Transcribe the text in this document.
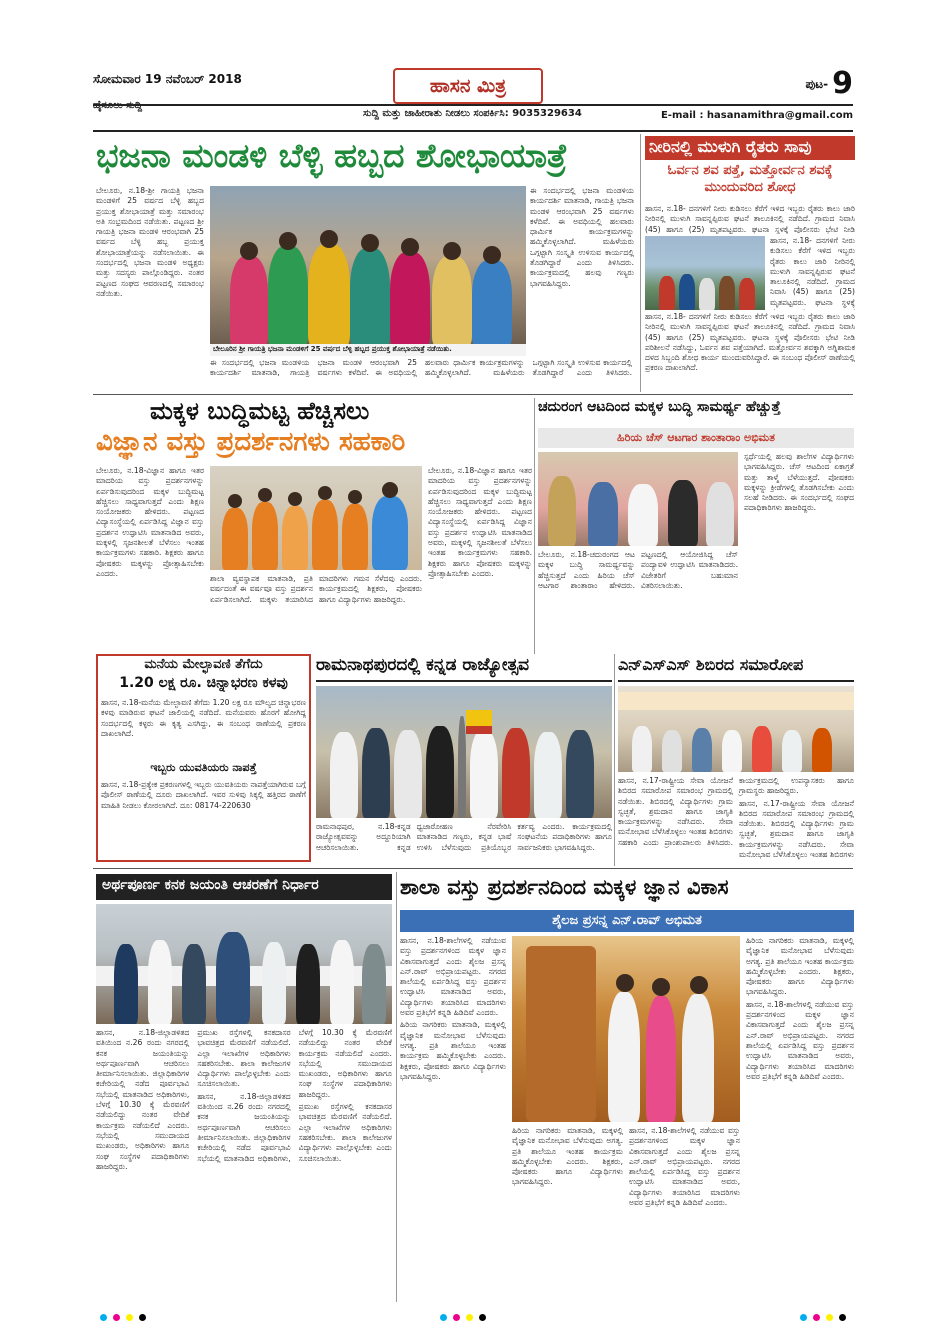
ಸೋಮವಾರ 19 ನವೆಂಬರ್ 2018	ಹಾಸನ ಮಿತ್ರ	ಪುಟ- 9
ಸುದ್ದಿ ಮತ್ತು ಜಾಹೀರಾತು ನೀಡಲು ಸಂಪರ್ಕಿಸಿ: 9035329634	E-mail : hasanamithra@gmail.com
ಭಜನಾ ಮಂಡಳಿ ಬೆಳ್ಳಿ ಹಬ್ಬದ ಶೋಭಾಯಾತ್ರೆ

ಬೇಲೂರು, ನ.18-ಶ್ರೀ ಗಾಯತ್ರಿ ಭಜನಾ ಮಂಡಳಿಗೆ 25 ವರ್ಷದ ಬೆಳ್ಳಿ ಹಬ್ಬದ ಪ್ರಯುಕ್ತ ಶೋಭಾಯಾತ್ರೆ ಮತ್ತು ಸಮಾರಂಭ ಅತಿ ಸಂಭ್ರಮದಿಂದ ನಡೆಯಿತು. ಪಟ್ಟಣದ ಶ್ರೀ ಗಾಯತ್ರಿ ಭಜನಾ ಮಂಡಳಿ ಆರಂಭವಾಗಿ 25 ವರ್ಷದ ಬೆಳ್ಳಿ ಹಬ್ಬ ಪ್ರಯುಕ್ತ ಶೋಭಾಯಾತ್ರೆಯನ್ನು ನಡೆಸಲಾಯಿತು. ಈ ಸಂದರ್ಭದಲ್ಲಿ ಭಜನಾ ಮಂಡಳಿ ಅಧ್ಯಕ್ಷರು ಮತ್ತು ಸದಸ್ಯರು ಪಾಲ್ಗೊಂಡಿದ್ದರು. ನಂತರ ಪಟ್ಟಣದ ಸಂಘದ ಆವರಣದಲ್ಲಿ ಸಮಾರಂಭ ನಡೆಯಿತು.

ಬೇಲೂರಿನ ಶ್ರೀ ಗಾಯತ್ರಿ ಭಜನಾ ಮಂಡಳಿಗೆ 25 ವರ್ಷದ ಬೆಳ್ಳಿ ಹಬ್ಬದ ಪ್ರಯುಕ್ತ ಶೋಭಾಯಾತ್ರೆ ನಡೆಯಿತು.

ಈ ಸಂದರ್ಭದಲ್ಲಿ ಭಜನಾ ಮಂಡಳಿಯ ಕಾರ್ಯದರ್ಶಿ ಮಾತನಾಡಿ, ಗಾಯತ್ರಿ ಭಜನಾ ಮಂಡಳಿ ಆರಂಭವಾಗಿ 25 ವರ್ಷಗಳು ಕಳೆದಿವೆ. ಈ ಅವಧಿಯಲ್ಲಿ ಹಲವಾರು ಧಾರ್ಮಿಕ ಕಾರ್ಯಕ್ರಮಗಳನ್ನು ಹಮ್ಮಿಕೊಳ್ಳಲಾಗಿದೆ. ಮಹಿಳೆಯರು ಒಗ್ಗಟ್ಟಾಗಿ ಸಂಸ್ಕೃತಿ ಉಳಿಸುವ ಕಾರ್ಯದಲ್ಲಿ ತೊಡಗಿದ್ದಾರೆ ಎಂದು ತಿಳಿಸಿದರು.

ಈ ಸಂದರ್ಭದಲ್ಲಿ ಭಜನಾ ಮಂಡಳಿಯ ಕಾರ್ಯದರ್ಶಿ ಮಾತನಾಡಿ, ಗಾಯತ್ರಿ ಭಜನಾ ಮಂಡಳಿ ಆರಂಭವಾಗಿ 25 ವರ್ಷಗಳು ಕಳೆದಿವೆ. ಈ ಅವಧಿಯಲ್ಲಿ ಹಲವಾರು ಧಾರ್ಮಿಕ ಕಾರ್ಯಕ್ರಮಗಳನ್ನು ಹಮ್ಮಿಕೊಳ್ಳಲಾಗಿದೆ. ಮಹಿಳೆಯರು ಒಗ್ಗಟ್ಟಾಗಿ ಸಂಸ್ಕೃತಿ ಉಳಿಸುವ ಕಾರ್ಯದಲ್ಲಿ ತೊಡಗಿದ್ದಾರೆ ಎಂದು ತಿಳಿಸಿದರು. ಕಾರ್ಯಕ್ರಮದಲ್ಲಿ ಹಲವು ಗಣ್ಯರು ಭಾಗವಹಿಸಿದ್ದರು.

ನೀರಿನಲ್ಲಿ ಮುಳುಗಿ ರೈತರು ಸಾವು
ಓರ್ವನ ಶವ ಪತ್ತೆ, ಮತ್ತೋರ್ವನ ಶವಕ್ಕೆ ಮುಂದುವರಿದ ಶೋಧ

ಹಾಸನ, ನ.18- ದನಗಳಿಗೆ ನೀರು ಕುಡಿಸಲು ಕೆರೆಗೆ ಇಳಿದ ಇಬ್ಬರು ರೈತರು ಕಾಲು ಜಾರಿ ನೀರಿನಲ್ಲಿ ಮುಳುಗಿ ಸಾವನ್ನಪ್ಪಿರುವ ಘಟನೆ ತಾಲೂಕಿನಲ್ಲಿ ನಡೆದಿದೆ. ಗ್ರಾಮದ ನಿವಾಸಿ (45) ಹಾಗೂ (25) ಮೃತಪಟ್ಟವರು. ಘಟನಾ ಸ್ಥಳಕ್ಕೆ ಪೊಲೀಸರು ಭೇಟಿ ನೀಡಿ

ಹಾಸನ, ನ.18- ದನಗಳಿಗೆ ನೀರು ಕುಡಿಸಲು ಕೆರೆಗೆ ಇಳಿದ ಇಬ್ಬರು ರೈತರು ಕಾಲು ಜಾರಿ ನೀರಿನಲ್ಲಿ ಮುಳುಗಿ ಸಾವನ್ನಪ್ಪಿರುವ ಘಟನೆ ತಾಲೂಕಿನಲ್ಲಿ ನಡೆದಿದೆ. ಗ್ರಾಮದ ನಿವಾಸಿ (45) ಹಾಗೂ (25) ಮೃತಪಟ್ಟವರು. ಘಟನಾ ಸ್ಥಳಕ್ಕೆ

ಹಾಸನ, ನ.18- ದನಗಳಿಗೆ ನೀರು ಕುಡಿಸಲು ಕೆರೆಗೆ ಇಳಿದ ಇಬ್ಬರು ರೈತರು ಕಾಲು ಜಾರಿ ನೀರಿನಲ್ಲಿ ಮುಳುಗಿ ಸಾವನ್ನಪ್ಪಿರುವ ಘಟನೆ ತಾಲೂಕಿನಲ್ಲಿ ನಡೆದಿದೆ. ಗ್ರಾಮದ ನಿವಾಸಿ (45) ಹಾಗೂ (25) ಮೃತಪಟ್ಟವರು. ಘಟನಾ ಸ್ಥಳಕ್ಕೆ ಪೊಲೀಸರು ಭೇಟಿ ನೀಡಿ ಪರಿಶೀಲನೆ ನಡೆಸಿದ್ದು, ಓರ್ವನ ಶವ ಪತ್ತೆಯಾಗಿದೆ. ಮತ್ತೋರ್ವನ ಶವಕ್ಕಾಗಿ ಅಗ್ನಿಶಾಮಕ ದಳದ ಸಿಬ್ಬಂದಿ ಶೋಧ ಕಾರ್ಯ ಮುಂದುವರಿಸಿದ್ದಾರೆ. ಈ ಸಂಬಂಧ ಪೊಲೀಸ್ ಠಾಣೆಯಲ್ಲಿ ಪ್ರಕರಣ ದಾಖಲಾಗಿದೆ.

ಮಕ್ಕಳ ಬುದ್ಧಿಮಟ್ಟ ಹೆಚ್ಚಿಸಲು
ವಿಜ್ಞಾನ ವಸ್ತು ಪ್ರದರ್ಶನಗಳು ಸಹಕಾರಿ

ಬೇಲೂರು, ನ.18-ವಿಜ್ಞಾನ ಹಾಗೂ ಇತರ ಮಾದರಿಯ ವಸ್ತು ಪ್ರದರ್ಶನಗಳನ್ನು ಏರ್ಪಡಿಸುವುದರಿಂದ ಮಕ್ಕಳ ಬುದ್ಧಿಮಟ್ಟ ಹೆಚ್ಚಿಸಲು ಸಾಧ್ಯವಾಗುತ್ತದೆ ಎಂದು ಶಿಕ್ಷಣ ಸಂಯೋಜಕರು ಹೇಳಿದರು. ಪಟ್ಟಣದ ವಿದ್ಯಾಸಂಸ್ಥೆಯಲ್ಲಿ ಏರ್ಪಡಿಸಿದ್ದ ವಿಜ್ಞಾನ ವಸ್ತು ಪ್ರದರ್ಶನ ಉದ್ಘಾಟಿಸಿ ಮಾತನಾಡಿದ ಅವರು, ಮಕ್ಕಳಲ್ಲಿ ಸೃಜನಶೀಲತೆ ಬೆಳೆಸಲು ಇಂತಹ ಕಾರ್ಯಕ್ರಮಗಳು ಸಹಕಾರಿ. ಶಿಕ್ಷಕರು ಹಾಗೂ ಪೋಷಕರು ಮಕ್ಕಳನ್ನು ಪ್ರೋತ್ಸಾಹಿಸಬೇಕು ಎಂದರು.

ಶಾಲಾ ವ್ಯವಸ್ಥಾಪಕ ಮಾತನಾಡಿ, ಪ್ರತಿ ವರ್ಷದಂತೆ ಈ ವರ್ಷವೂ ವಸ್ತು ಪ್ರದರ್ಶನ ಏರ್ಪಡಿಸಲಾಗಿದೆ. ಮಕ್ಕಳು ತಯಾರಿಸಿದ ಮಾದರಿಗಳು ಗಮನ ಸೆಳೆದವು ಎಂದರು. ಕಾರ್ಯಕ್ರಮದಲ್ಲಿ ಶಿಕ್ಷಕರು, ಪೋಷಕರು ಹಾಗೂ ವಿದ್ಯಾರ್ಥಿಗಳು ಹಾಜರಿದ್ದರು.

ಬೇಲೂರು, ನ.18-ವಿಜ್ಞಾನ ಹಾಗೂ ಇತರ ಮಾದರಿಯ ವಸ್ತು ಪ್ರದರ್ಶನಗಳನ್ನು ಏರ್ಪಡಿಸುವುದರಿಂದ ಮಕ್ಕಳ ಬುದ್ಧಿಮಟ್ಟ ಹೆಚ್ಚಿಸಲು ಸಾಧ್ಯವಾಗುತ್ತದೆ ಎಂದು ಶಿಕ್ಷಣ ಸಂಯೋಜಕರು ಹೇಳಿದರು. ಪಟ್ಟಣದ ವಿದ್ಯಾಸಂಸ್ಥೆಯಲ್ಲಿ ಏರ್ಪಡಿಸಿದ್ದ ವಿಜ್ಞಾನ ವಸ್ತು ಪ್ರದರ್ಶನ ಉದ್ಘಾಟಿಸಿ ಮಾತನಾಡಿದ ಅವರು, ಮಕ್ಕಳಲ್ಲಿ ಸೃಜನಶೀಲತೆ ಬೆಳೆಸಲು ಇಂತಹ ಕಾರ್ಯಕ್ರಮಗಳು ಸಹಕಾರಿ. ಶಿಕ್ಷಕರು ಹಾಗೂ ಪೋಷಕರು ಮಕ್ಕಳನ್ನು ಪ್ರೋತ್ಸಾಹಿಸಬೇಕು ಎಂದರು.

ಮನೆಯ ಮೇಲ್ಛಾವಣಿ ತೆಗೆದು
1.20 ಲಕ್ಷ ರೂ. ಚಿನ್ನಾಭರಣ ಕಳವು

ಹಾಸನ, ನ.18-ಮನೆಯ ಮೇಲ್ಛಾವಣಿ ತೆಗೆದು 1.20 ಲಕ್ಷ ರೂ ಮೌಲ್ಯದ ಚಿನ್ನಾಭರಣ ಕಳವು ಮಾಡಿರುವ ಘಟನೆ ಜಾಲಿಯಲ್ಲಿ ನಡೆದಿದೆ. ಮನೆಯವರು ಹೊರಗೆ ಹೋಗಿದ್ದ ಸಂದರ್ಭದಲ್ಲಿ ಕಳ್ಳರು ಈ ಕೃತ್ಯ ಎಸಗಿದ್ದು, ಈ ಸಂಬಂಧ ಠಾಣೆಯಲ್ಲಿ ಪ್ರಕರಣ ದಾಖಲಾಗಿದೆ.

ಇಬ್ಬರು ಯುವತಿಯರು ನಾಪತ್ತೆ

ಹಾಸನ, ನ.18-ಪ್ರತ್ಯೇಕ ಪ್ರಕರಣಗಳಲ್ಲಿ ಇಬ್ಬರು ಯುವತಿಯರು ನಾಪತ್ತೆಯಾಗಿರುವ ಬಗ್ಗೆ ಪೊಲೀಸ್ ಠಾಣೆಯಲ್ಲಿ ದೂರು ದಾಖಲಾಗಿದೆ. ಇವರ ಸುಳಿವು ಸಿಕ್ಕಲ್ಲಿ ಹತ್ತಿರದ ಠಾಣೆಗೆ ಮಾಹಿತಿ ನೀಡಲು ಕೋರಲಾಗಿದೆ. ದೂ: 08174-220630

ರಾಮನಾಥಪುರದಲ್ಲಿ ಕನ್ನಡ ರಾಜ್ಯೋತ್ಸವ

ರಾಮನಾಥಪುರ, ನ.18-ಕನ್ನಡ ರಾಜ್ಯೋತ್ಸವವನ್ನು ಅದ್ದೂರಿಯಾಗಿ ಆಚರಿಸಲಾಯಿತು. ಕನ್ನಡ ಧ್ವಜಾರೋಹಣ ನೆರವೇರಿಸಿ ಮಾತನಾಡಿದ ಗಣ್ಯರು, ಕನ್ನಡ ಭಾಷೆ ಉಳಿಸಿ ಬೆಳೆಸುವುದು ಪ್ರತಿಯೊಬ್ಬರ ಕರ್ತವ್ಯ ಎಂದರು. ಕಾರ್ಯಕ್ರಮದಲ್ಲಿ ಸಂಘಟನೆಯ ಪದಾಧಿಕಾರಿಗಳು ಹಾಗೂ ಸಾರ್ವಜನಿಕರು ಭಾಗವಹಿಸಿದ್ದರು.

ಚದುರಂಗ ಆಟದಿಂದ ಮಕ್ಕಳ ಬುದ್ಧಿ ಸಾಮರ್ಥ್ಯ ಹೆಚ್ಚುತ್ತೆ
ಹಿರಿಯ ಚೆಸ್ ಆಟಗಾರ ಶಾಂತಾರಾಂ ಅಭಿಮತ

ಬೇಲೂರು, ನ.18-ಚದುರಂಗದ ಆಟ ಮಕ್ಕಳ ಬುದ್ಧಿ ಸಾಮರ್ಥ್ಯವನ್ನು ಹೆಚ್ಚಿಸುತ್ತದೆ ಎಂದು ಹಿರಿಯ ಚೆಸ್ ಆಟಗಾರ ಶಾಂತಾರಾಂ ಹೇಳಿದರು. ಪಟ್ಟಣದಲ್ಲಿ ಆಯೋಜಿಸಿದ್ದ ಚೆಸ್ ಪಂದ್ಯಾವಳಿ ಉದ್ಘಾಟಿಸಿ ಮಾತನಾಡಿದರು. ವಿಜೇತರಿಗೆ ಬಹುಮಾನ ವಿತರಿಸಲಾಯಿತು.

ಸ್ಪರ್ಧೆಯಲ್ಲಿ ಹಲವು ಶಾಲೆಗಳ ವಿದ್ಯಾರ್ಥಿಗಳು ಭಾಗವಹಿಸಿದ್ದರು. ಚೆಸ್ ಆಟದಿಂದ ಏಕಾಗ್ರತೆ ಮತ್ತು ತಾಳ್ಮೆ ಬೆಳೆಯುತ್ತದೆ. ಪೋಷಕರು ಮಕ್ಕಳನ್ನು ಕ್ರೀಡೆಗಳಲ್ಲಿ ತೊಡಗಿಸಬೇಕು ಎಂದು ಸಲಹೆ ನೀಡಿದರು. ಈ ಸಂದರ್ಭದಲ್ಲಿ ಸಂಘದ ಪದಾಧಿಕಾರಿಗಳು ಹಾಜರಿದ್ದರು.

ಎನ್‌ಎಸ್‌ಎಸ್ ಶಿಬಿರದ ಸಮಾರೋಪ

ಹಾಸನ, ನ.17-ರಾಷ್ಟ್ರೀಯ ಸೇವಾ ಯೋಜನೆ ಶಿಬಿರದ ಸಮಾರೋಪ ಸಮಾರಂಭ ಗ್ರಾಮದಲ್ಲಿ ನಡೆಯಿತು. ಶಿಬಿರದಲ್ಲಿ ವಿದ್ಯಾರ್ಥಿಗಳು ಗ್ರಾಮ ಸ್ವಚ್ಛತೆ, ಶ್ರಮದಾನ ಹಾಗೂ ಜಾಗೃತಿ ಕಾರ್ಯಕ್ರಮಗಳನ್ನು ನಡೆಸಿದರು. ಸೇವಾ ಮನೋಭಾವ ಬೆಳೆಸಿಕೊಳ್ಳಲು ಇಂತಹ ಶಿಬಿರಗಳು ಸಹಕಾರಿ ಎಂದು ಪ್ರಾಂಶುಪಾಲರು ತಿಳಿಸಿದರು. ಕಾರ್ಯಕ್ರಮದಲ್ಲಿ ಉಪನ್ಯಾಸಕರು ಹಾಗೂ ಗ್ರಾಮಸ್ಥರು ಹಾಜರಿದ್ದರು.

ಹಾಸನ, ನ.17-ರಾಷ್ಟ್ರೀಯ ಸೇವಾ ಯೋಜನೆ ಶಿಬಿರದ ಸಮಾರೋಪ ಸಮಾರಂಭ ಗ್ರಾಮದಲ್ಲಿ ನಡೆಯಿತು. ಶಿಬಿರದಲ್ಲಿ ವಿದ್ಯಾರ್ಥಿಗಳು ಗ್ರಾಮ ಸ್ವಚ್ಛತೆ, ಶ್ರಮದಾನ ಹಾಗೂ ಜಾಗೃತಿ ಕಾರ್ಯಕ್ರಮಗಳನ್ನು ನಡೆಸಿದರು. ಸೇವಾ ಮನೋಭಾವ ಬೆಳೆಸಿಕೊಳ್ಳಲು ಇಂತಹ ಶಿಬಿರಗಳು

ಅರ್ಥಪೂರ್ಣ ಕನಕ ಜಯಂತಿ ಆಚರಣೆಗೆ ನಿರ್ಧಾರ

ಹಾಸನ, ನ.18-ಜಿಲ್ಲಾಡಳಿತದ ವತಿಯಿಂದ ನ.26 ರಂದು ನಗರದಲ್ಲಿ ಕನಕ ಜಯಂತಿಯನ್ನು ಅರ್ಥಪೂರ್ಣವಾಗಿ ಆಚರಿಸಲು ತೀರ್ಮಾನಿಸಲಾಯಿತು. ಜಿಲ್ಲಾಧಿಕಾರಿಗಳ ಕಚೇರಿಯಲ್ಲಿ ನಡೆದ ಪೂರ್ವಭಾವಿ ಸಭೆಯಲ್ಲಿ ಮಾತನಾಡಿದ ಅಧಿಕಾರಿಗಳು, ಬೆಳಗ್ಗೆ 10.30 ಕ್ಕೆ ಮೆರವಣಿಗೆ ನಡೆಯಲಿದ್ದು ನಂತರ ವೇದಿಕೆ ಕಾರ್ಯಕ್ರಮ ನಡೆಯಲಿದೆ ಎಂದರು. ಸಭೆಯಲ್ಲಿ ಸಮುದಾಯದ ಮುಖಂಡರು, ಅಧಿಕಾರಿಗಳು ಹಾಗೂ ಸಂಘ ಸಂಸ್ಥೆಗಳ ಪದಾಧಿಕಾರಿಗಳು ಹಾಜರಿದ್ದರು.

ಪ್ರಮುಖ ರಸ್ತೆಗಳಲ್ಲಿ ಕನಕದಾಸರ ಭಾವಚಿತ್ರದ ಮೆರವಣಿಗೆ ನಡೆಯಲಿದೆ. ಎಲ್ಲಾ ಇಲಾಖೆಗಳ ಅಧಿಕಾರಿಗಳು ಸಹಕರಿಸಬೇಕು. ಶಾಲಾ ಕಾಲೇಜುಗಳ ವಿದ್ಯಾರ್ಥಿಗಳು ಪಾಲ್ಗೊಳ್ಳಬೇಕು ಎಂದು ಸೂಚಿಸಲಾಯಿತು.

ಹಾಸನ, ನ.18-ಜಿಲ್ಲಾಡಳಿತದ ವತಿಯಿಂದ ನ.26 ರಂದು ನಗರದಲ್ಲಿ ಕನಕ ಜಯಂತಿಯನ್ನು ಅರ್ಥಪೂರ್ಣವಾಗಿ ಆಚರಿಸಲು ತೀರ್ಮಾನಿಸಲಾಯಿತು. ಜಿಲ್ಲಾಧಿಕಾರಿಗಳ ಕಚೇರಿಯಲ್ಲಿ ನಡೆದ ಪೂರ್ವಭಾವಿ ಸಭೆಯಲ್ಲಿ ಮಾತನಾಡಿದ ಅಧಿಕಾರಿಗಳು, ಬೆಳಗ್ಗೆ 10.30 ಕ್ಕೆ ಮೆರವಣಿಗೆ ನಡೆಯಲಿದ್ದು ನಂತರ ವೇದಿಕೆ ಕಾರ್ಯಕ್ರಮ ನಡೆಯಲಿದೆ ಎಂದರು. ಸಭೆಯಲ್ಲಿ ಸಮುದಾಯದ ಮುಖಂಡರು, ಅಧಿಕಾರಿಗಳು ಹಾಗೂ ಸಂಘ ಸಂಸ್ಥೆಗಳ ಪದಾಧಿಕಾರಿಗಳು ಹಾಜರಿದ್ದರು.

ಪ್ರಮುಖ ರಸ್ತೆಗಳಲ್ಲಿ ಕನಕದಾಸರ ಭಾವಚಿತ್ರದ ಮೆರವಣಿಗೆ ನಡೆಯಲಿದೆ. ಎಲ್ಲಾ ಇಲಾಖೆಗಳ ಅಧಿಕಾರಿಗಳು ಸಹಕರಿಸಬೇಕು. ಶಾಲಾ ಕಾಲೇಜುಗಳ ವಿದ್ಯಾರ್ಥಿಗಳು ಪಾಲ್ಗೊಳ್ಳಬೇಕು ಎಂದು ಸೂಚಿಸಲಾಯಿತು.

ಶಾಲಾ ವಸ್ತು ಪ್ರದರ್ಶನದಿಂದ ಮಕ್ಕಳ ಜ್ಞಾನ ವಿಕಾಸ
ಶೈಲಜ ಪ್ರಸನ್ನ ಎನ್.ರಾವ್ ಅಭಿಮತ

ಹಾಸನ, ನ.18-ಶಾಲೆಗಳಲ್ಲಿ ನಡೆಯುವ ವಸ್ತು ಪ್ರದರ್ಶನಗಳಿಂದ ಮಕ್ಕಳ ಜ್ಞಾನ ವಿಕಾಸವಾಗುತ್ತದೆ ಎಂದು ಶೈಲಜ ಪ್ರಸನ್ನ ಎನ್.ರಾವ್ ಅಭಿಪ್ರಾಯಪಟ್ಟರು. ನಗರದ ಶಾಲೆಯಲ್ಲಿ ಏರ್ಪಡಿಸಿದ್ದ ವಸ್ತು ಪ್ರದರ್ಶನ ಉದ್ಘಾಟಿಸಿ ಮಾತನಾಡಿದ ಅವರು, ವಿದ್ಯಾರ್ಥಿಗಳು ತಯಾರಿಸಿದ ಮಾದರಿಗಳು ಅವರ ಪ್ರತಿಭೆಗೆ ಕನ್ನಡಿ ಹಿಡಿದಿವೆ ಎಂದರು.

ಹಿರಿಯ ನಾಗರಿಕರು ಮಾತನಾಡಿ, ಮಕ್ಕಳಲ್ಲಿ ವೈಜ್ಞಾನಿಕ ಮನೋಭಾವ ಬೆಳೆಸುವುದು ಅಗತ್ಯ. ಪ್ರತಿ ಶಾಲೆಯೂ ಇಂತಹ ಕಾರ್ಯಕ್ರಮ ಹಮ್ಮಿಕೊಳ್ಳಬೇಕು ಎಂದರು. ಶಿಕ್ಷಕರು, ಪೋಷಕರು ಹಾಗೂ ವಿದ್ಯಾರ್ಥಿಗಳು ಭಾಗವಹಿಸಿದ್ದರು.

ಹಿರಿಯ ನಾಗರಿಕರು ಮಾತನಾಡಿ, ಮಕ್ಕಳಲ್ಲಿ ವೈಜ್ಞಾನಿಕ ಮನೋಭಾವ ಬೆಳೆಸುವುದು ಅಗತ್ಯ. ಪ್ರತಿ ಶಾಲೆಯೂ ಇಂತಹ ಕಾರ್ಯಕ್ರಮ ಹಮ್ಮಿಕೊಳ್ಳಬೇಕು ಎಂದರು. ಶಿಕ್ಷಕರು, ಪೋಷಕರು ಹಾಗೂ ವಿದ್ಯಾರ್ಥಿಗಳು ಭಾಗವಹಿಸಿದ್ದರು.

ಹಾಸನ, ನ.18-ಶಾಲೆಗಳಲ್ಲಿ ನಡೆಯುವ ವಸ್ತು ಪ್ರದರ್ಶನಗಳಿಂದ ಮಕ್ಕಳ ಜ್ಞಾನ ವಿಕಾಸವಾಗುತ್ತದೆ ಎಂದು ಶೈಲಜ ಪ್ರಸನ್ನ ಎನ್.ರಾವ್ ಅಭಿಪ್ರಾಯಪಟ್ಟರು. ನಗರದ ಶಾಲೆಯಲ್ಲಿ ಏರ್ಪಡಿಸಿದ್ದ ವಸ್ತು ಪ್ರದರ್ಶನ ಉದ್ಘಾಟಿಸಿ ಮಾತನಾಡಿದ ಅವರು, ವಿದ್ಯಾರ್ಥಿಗಳು ತಯಾರಿಸಿದ ಮಾದರಿಗಳು ಅವರ ಪ್ರತಿಭೆಗೆ ಕನ್ನಡಿ ಹಿಡಿದಿವೆ ಎಂದರು.

ಹಿರಿಯ ನಾಗರಿಕರು ಮಾತನಾಡಿ, ಮಕ್ಕಳಲ್ಲಿ ವೈಜ್ಞಾನಿಕ ಮನೋಭಾವ ಬೆಳೆಸುವುದು ಅಗತ್ಯ. ಪ್ರತಿ ಶಾಲೆಯೂ ಇಂತಹ ಕಾರ್ಯಕ್ರಮ ಹಮ್ಮಿಕೊಳ್ಳಬೇಕು ಎಂದರು. ಶಿಕ್ಷಕರು, ಪೋಷಕರು ಹಾಗೂ ವಿದ್ಯಾರ್ಥಿಗಳು ಭಾಗವಹಿಸಿದ್ದರು.

ಹಾಸನ, ನ.18-ಶಾಲೆಗಳಲ್ಲಿ ನಡೆಯುವ ವಸ್ತು ಪ್ರದರ್ಶನಗಳಿಂದ ಮಕ್ಕಳ ಜ್ಞಾನ ವಿಕಾಸವಾಗುತ್ತದೆ ಎಂದು ಶೈಲಜ ಪ್ರಸನ್ನ ಎನ್.ರಾವ್ ಅಭಿಪ್ರಾಯಪಟ್ಟರು. ನಗರದ ಶಾಲೆಯಲ್ಲಿ ಏರ್ಪಡಿಸಿದ್ದ ವಸ್ತು ಪ್ರದರ್ಶನ ಉದ್ಘಾಟಿಸಿ ಮಾತನಾಡಿದ ಅವರು, ವಿದ್ಯಾರ್ಥಿಗಳು ತಯಾರಿಸಿದ ಮಾದರಿಗಳು ಅವರ ಪ್ರತಿಭೆಗೆ ಕನ್ನಡಿ ಹಿಡಿದಿವೆ ಎಂದರು.
